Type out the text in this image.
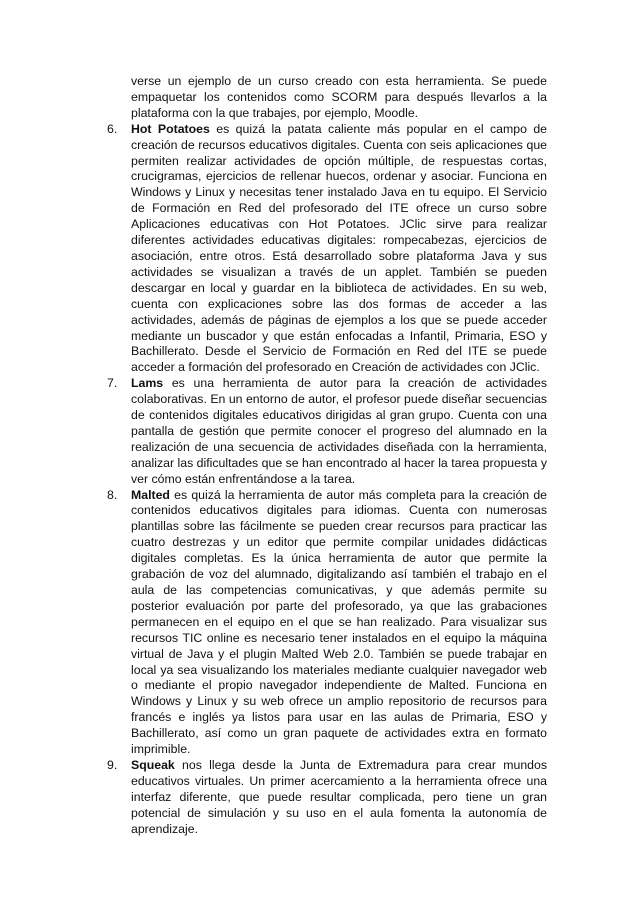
verse un ejemplo de un curso creado con esta herramienta. Se puede empaquetar los contenidos como SCORM para después llevarlos a la plataforma con la que trabajes, por ejemplo, Moodle.

6. Hot Potatoes es quizá la patata caliente más popular en el campo de creación de recursos educativos digitales. Cuenta con seis aplicaciones que permiten realizar actividades de opción múltiple, de respuestas cortas, crucigramas, ejercicios de rellenar huecos, ordenar y asociar. Funciona en Windows y Linux y necesitas tener instalado Java en tu equipo. El Servicio de Formación en Red del profesorado del ITE ofrece un curso sobre Aplicaciones educativas con Hot Potatoes. JClic sirve para realizar diferentes actividades educativas digitales: rompecabezas, ejercicios de asociación, entre otros. Está desarrollado sobre plataforma Java y sus actividades se visualizan a través de un applet. También se pueden descargar en local y guardar en la biblioteca de actividades. En su web, cuenta con explicaciones sobre las dos formas de acceder a las actividades, además de páginas de ejemplos a los que se puede acceder mediante un buscador y que están enfocadas a Infantil, Primaria, ESO y Bachillerato. Desde el Servicio de Formación en Red del ITE se puede acceder a formación del profesorado en Creación de actividades con JClic.

7. Lams es una herramienta de autor para la creación de actividades colaborativas. En un entorno de autor, el profesor puede diseñar secuencias de contenidos digitales educativos dirigidas al gran grupo. Cuenta con una pantalla de gestión que permite conocer el progreso del alumnado en la realización de una secuencia de actividades diseñada con la herramienta, analizar las dificultades que se han encontrado al hacer la tarea propuesta y ver cómo están enfrentándose a la tarea.

8. Malted es quizá la herramienta de autor más completa para la creación de contenidos educativos digitales para idiomas. Cuenta con numerosas plantillas sobre las fácilmente se pueden crear recursos para practicar las cuatro destrezas y un editor que permite compilar unidades didácticas digitales completas. Es la única herramienta de autor que permite la grabación de voz del alumnado, digitalizando así también el trabajo en el aula de las competencias comunicativas, y que además permite su posterior evaluación por parte del profesorado, ya que las grabaciones permanecen en el equipo en el que se han realizado. Para visualizar sus recursos TIC online es necesario tener instalados en el equipo la máquina virtual de Java y el plugin Malted Web 2.0. También se puede trabajar en local ya sea visualizando los materiales mediante cualquier navegador web o mediante el propio navegador independiente de Malted. Funciona en Windows y Linux y su web ofrece un amplio repositorio de recursos para francés e inglés ya listos para usar en las aulas de Primaria, ESO y Bachillerato, así como un gran paquete de actividades extra en formato imprimible.

9. Squeak nos llega desde la Junta de Extremadura para crear mundos educativos virtuales. Un primer acercamiento a la herramienta ofrece una interfaz diferente, que puede resultar complicada, pero tiene un gran potencial de simulación y su uso en el aula fomenta la autonomía de aprendizaje.
